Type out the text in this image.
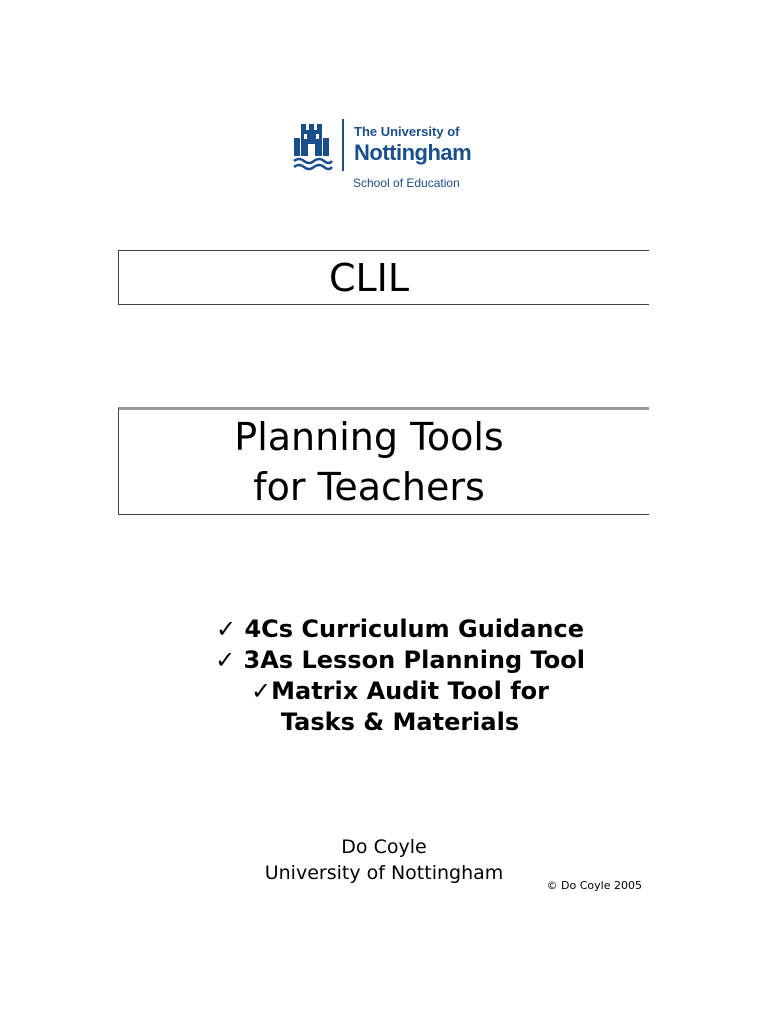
The University of
Nottingham
School of Education
CLIL
Planning Tools
for Teachers
✓ 4Cs Curriculum Guidance
✓ 3As Lesson Planning Tool
✓Matrix Audit Tool for
Tasks & Materials
Do Coyle
University of Nottingham
© Do Coyle 2005
